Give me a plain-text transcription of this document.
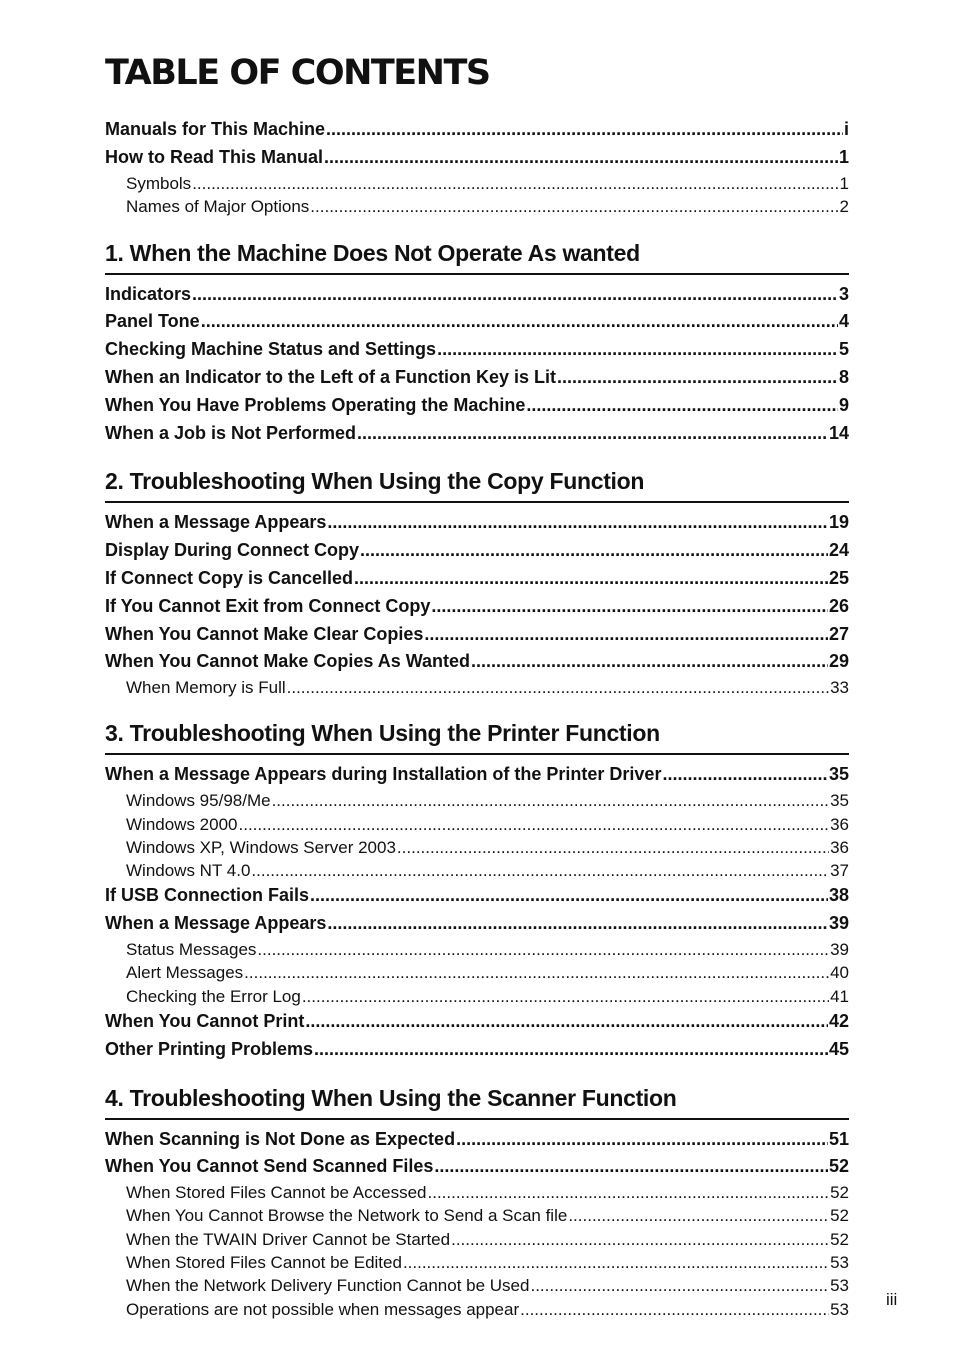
TABLE OF CONTENTS
Manuals for This Machine .....	i
How to Read This Manual .....	1
Symbols .....	1
Names of Major Options .....	2
1. When the Machine Does Not Operate As wanted
Indicators .....	3
Panel Tone .....	4
Checking Machine Status and Settings .....	5
When an Indicator to the Left of a Function Key is Lit .....	8
When You Have Problems Operating the Machine .....	9
When a Job is Not Performed .....	14
2. Troubleshooting When Using the Copy Function
When a Message Appears .....	19
Display During Connect Copy .....	24
If Connect Copy is Cancelled .....	25
If You Cannot Exit from Connect Copy .....	26
When You Cannot Make Clear Copies .....	27
When You Cannot Make Copies As Wanted .....	29
When Memory is Full .....	33
3. Troubleshooting When Using the Printer Function
When a Message Appears during Installation of the Printer Driver .....	35
Windows 95/98/Me .....	35
Windows 2000 .....	36
Windows XP, Windows Server 2003 .....	36
Windows NT 4.0 .....	37
If USB Connection Fails .....	38
When a Message Appears .....	39
Status Messages .....	39
Alert Messages .....	40
Checking the Error Log .....	41
When You Cannot Print .....	42
Other Printing Problems .....	45
4. Troubleshooting When Using the Scanner Function
When Scanning is Not Done as Expected .....	51
When You Cannot Send Scanned Files .....	52
When Stored Files Cannot be Accessed .....	52
When You Cannot Browse the Network to Send a Scan file .....	52
When the TWAIN Driver Cannot be Started .....	52
When Stored Files Cannot be Edited .....	53
When the Network Delivery Function Cannot be Used .....	53
Operations are not possible when messages appear .....	53
iii
